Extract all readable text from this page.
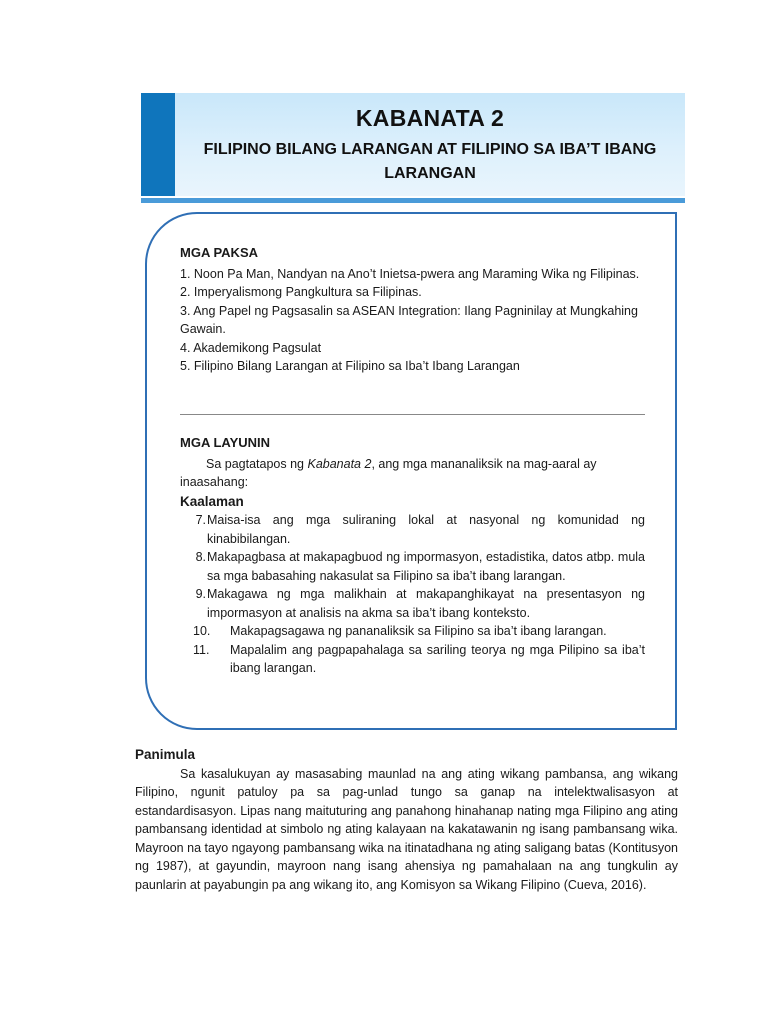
KABANATA 2
FILIPINO BILANG LARANGAN AT FILIPINO SA IBA’T IBANG LARANGAN
MGA PAKSA
1. Noon Pa Man, Nandyan na Ano’t Inietsa-pwera ang Maraming Wika ng Filipinas.
2. Imperyalismong Pangkultura sa Filipinas.
3. Ang Papel ng Pagsasalin sa ASEAN Integration: Ilang Pagninilay at Mungkahing Gawain.
4. Akademikong Pagsulat
5. Filipino Bilang Larangan at Filipino sa Iba’t Ibang Larangan
MGA LAYUNIN

Sa pagtatapos ng Kabanata 2, ang mga mananaliksik na mag-aaral ay inaasahang:

Kaalaman
7. Maisa-isa ang mga suliraning lokal at nasyonal ng komunidad ng kinabibilangan.
8. Makapagbasa at makapagbuod ng impormasyon, estadistika, datos atbp. mula sa mga babasahing nakasulat sa Filipino sa iba’t ibang larangan.
9. Makagawa ng mga malikhain at makapanghikayat na presentasyon ng impormasyon at analisis na akma sa iba’t ibang konteksto.
10.	Makapagsagawa ng pananaliksik sa Filipino sa iba’t ibang larangan.
11.	Mapalalim ang pagpapahalaga sa sariling teorya ng mga Pilipino sa iba’t ibang larangan.
Panimula

Sa kasalukuyan ay masasabing maunlad na ang ating wikang pambansa, ang wikang Filipino, ngunit patuloy pa sa pag-unlad tungo sa ganap na intelektwalisasyon at estandardisasyon. Lipas nang maituturing ang panahong hinahanap nating mga Filipino ang ating pambansang identidad at simbolo ng ating kalayaan na kakatawanin ng isang pambansang wika. Mayroon na tayo ngayong pambansang wika na itinatadhana ng ating saligang batas (Kontitusyon ng 1987), at gayundin, mayroon nang isang ahensiya ng pamahalaan na ang tungkulin ay paunlarin at payabungin pa ang wikang ito, ang Komisyon sa Wikang Filipino (Cueva, 2016).
